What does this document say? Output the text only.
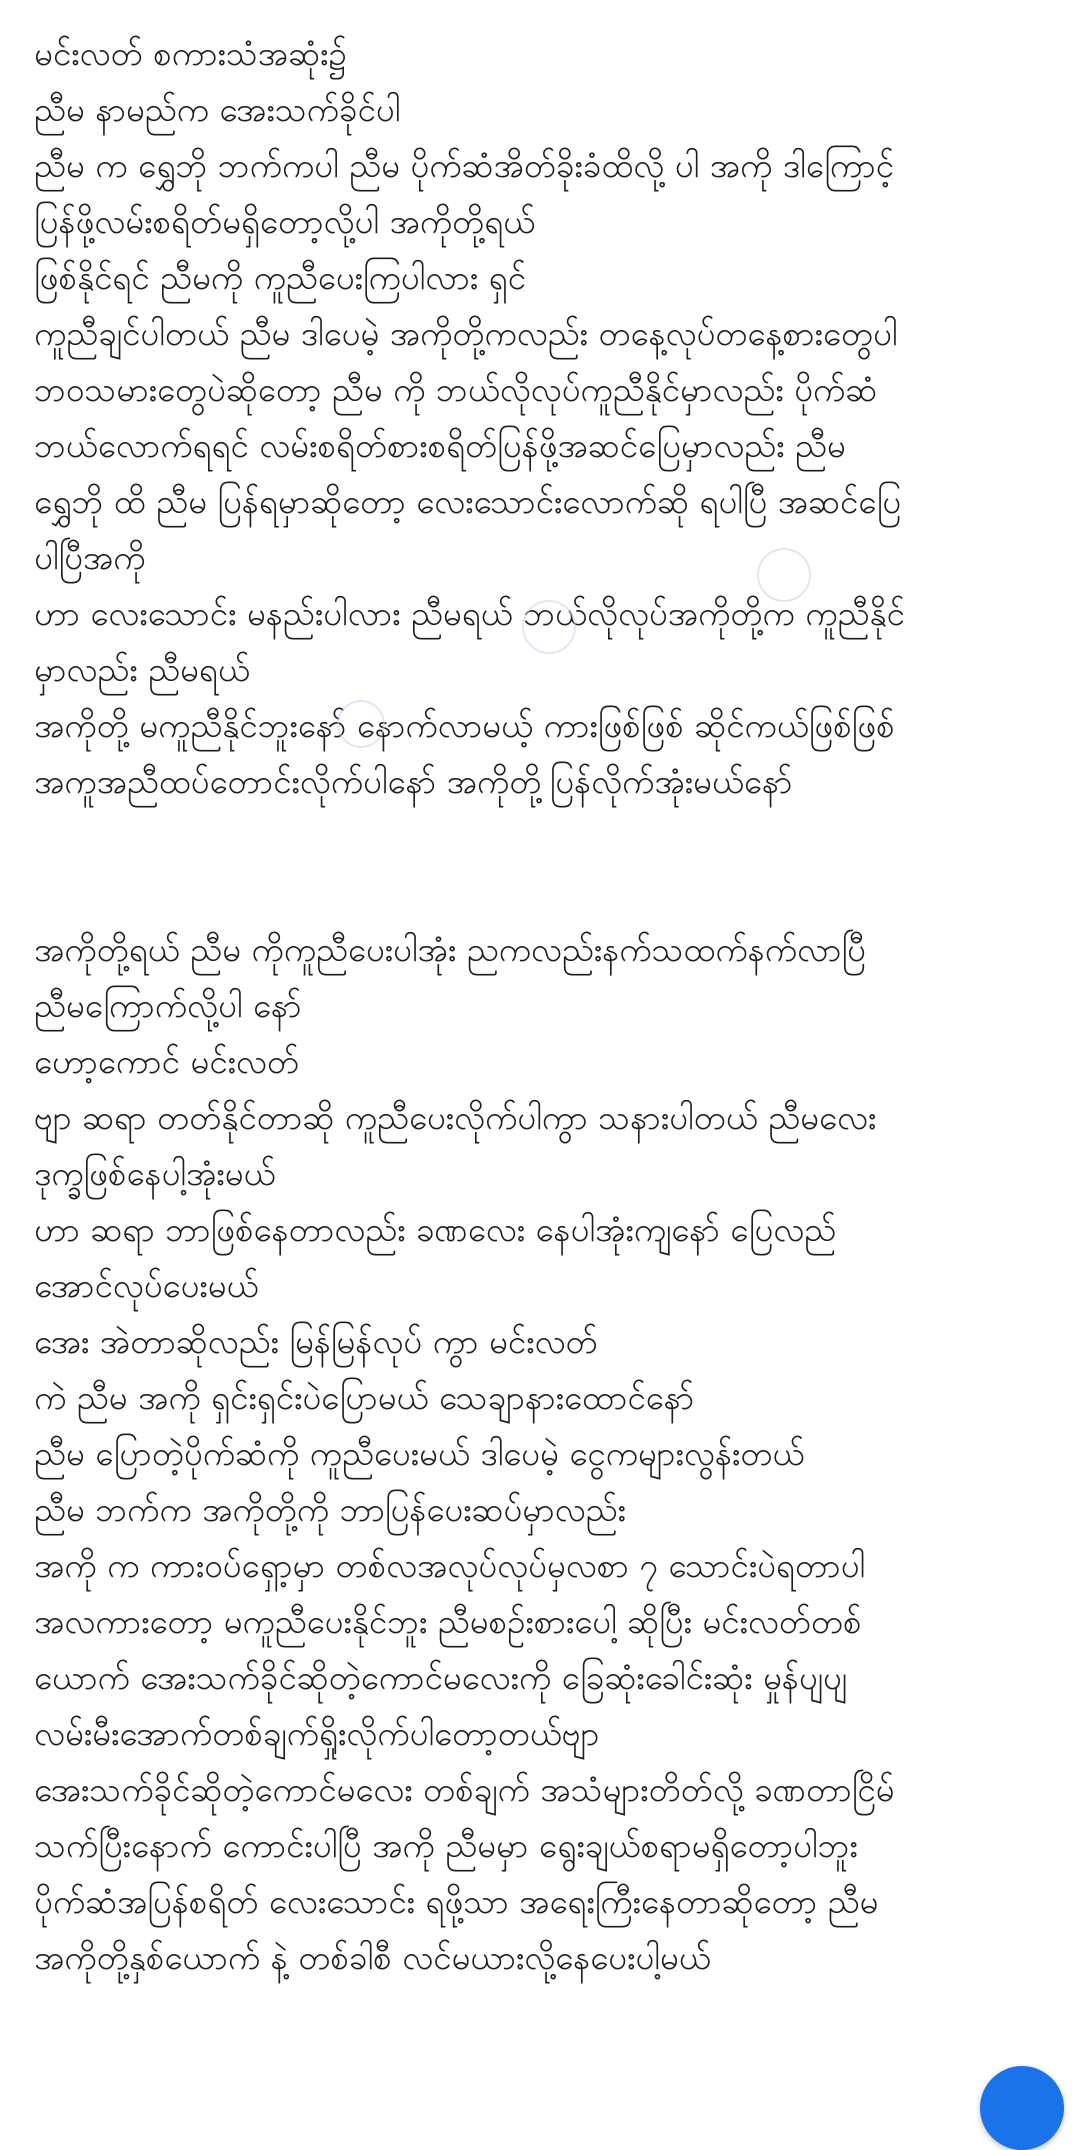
မင်းလတ် စကားသံအဆုံး၌
ညီမ နာမည်က အေးသက်ခိုင်ပါ
ညီမ က ရွှေဘို ဘက်ကပါ ညီမ ပိုက်ဆံအိတ်ခိုးခံထိလို့ ပါ အကို ဒါကြောင့်
ပြန်ဖို့လမ်းစရိတ်မရှိတော့လို့ပါ အကိုတို့ရယ်
ဖြစ်နိုင်ရင် ညီမကို ကူညီပေးကြပါလား ရှင်
ကူညီချင်ပါတယ် ညီမ ဒါပေမဲ့ အကိုတို့ကလည်း တနေ့လုပ်တနေ့စားတွေပါ
ဘဝသမားတွေပဲဆိုတော့ ညီမ ကို ဘယ်လိုလုပ်ကူညီနိုင်မှာလည်း ပိုက်ဆံ
ဘယ်လောက်ရရင် လမ်းစရိတ်စားစရိတ်ပြန်ဖို့အဆင်ပြေမှာလည်း ညီမ
ရွှေဘို ထိ ညီမ ပြန်ရမှာဆိုတော့ လေးသောင်းလောက်ဆို ရပါပြီ အဆင်ပြေ
ပါပြီအကို
ဟာ လေးသောင်း မနည်းပါလား ညီမရယ် ဘယ်လိုလုပ်အကိုတို့က ကူညီနိုင်
မှာလည်း ညီမရယ်
အကိုတို့ မကူညီနိုင်ဘူးနော် နောက်လာမယ့် ကားဖြစ်ဖြစ် ဆိုင်ကယ်ဖြစ်ဖြစ်
အကူအညီထပ်တောင်းလိုက်ပါနော် အကိုတို့ပြန်လိုက်အုံးမယ်နော်
အကိုတို့ရယ် ညီမ ကိုကူညီပေးပါအုံး ညကလည်းနက်သထက်နက်လာပြီ
ညီမကြောက်လို့ပါ နော်
ဟော့ကောင် မင်းလတ်
ဗျာ ဆရာ တတ်နိုင်တာဆို ကူညီပေးလိုက်ပါကွာ သနားပါတယ် ညီမလေး
ဒုက္ခဖြစ်နေပါ့အုံးမယ်
ဟာ ဆရာ ဘာဖြစ်နေတာလည်း ခဏလေး နေပါအုံးကျနော် ပြေလည်
အောင်လုပ်ပေးမယ်
အေး အဲတာဆိုလည်း မြန်မြန်လုပ် ကွာ မင်းလတ်
ကဲ ညီမ အကို ရှင်းရှင်းပဲပြောမယ် သေချာနားထောင်နော်
ညီမ ပြောတဲ့ပိုက်ဆံကို ကူညီပေးမယ် ဒါပေမဲ့ ငွေကများလွန်းတယ်
ညီမ ဘက်က အကိုတို့ကို ဘာပြန်ပေးဆပ်မှာလည်း
အကို က ကားဝပ်ရှော့မှာ တစ်လအလုပ်လုပ်မှလစာ ၇ သောင်းပဲရတာပါ
အလကားတော့ မကူညီပေးနိုင်ဘူး ညီမစဉ်းစားပေါ့ ဆိုပြီး မင်းလတ်တစ်
ယောက် အေးသက်ခိုင်ဆိုတဲ့ကောင်မလေးကို ခြေဆုံးခေါင်းဆုံး မှုန်ပျပျ
လမ်းမီးအောက်တစ်ချက်ရှိုးလိုက်ပါတော့တယ်ဗျာ
အေးသက်ခိုင်ဆိုတဲ့ကောင်မလေး တစ်ချက် အသံများတိတ်လို့ ခဏတာငြိမ်
သက်ပြီးနောက် ကောင်းပါပြီ အကို ညီမမှာ ရွေးချယ်စရာမရှိတော့ပါဘူး
ပိုက်ဆံအပြန်စရိတ် လေးသောင်း ရဖို့သာ အရေးကြီးနေတာဆိုတော့ ညီမ
အကိုတို့နှစ်ယောက် နဲ့ တစ်ခါစီ လင်မယားလို့နေပေးပါ့မယ်
